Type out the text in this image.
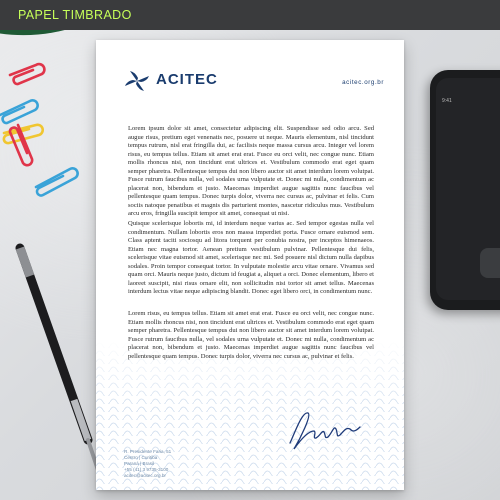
9:41
ACITEC	acitec.org.br

Lorem ipsum dolor sit amet, consectetur adipiscing elit. Suspendisse sed odio arcu. Sed augue risus, pretium eget venenatis nec, posuere ut neque. Mauris elementum, nisl tincidunt tempus rutrum, nisl erat fringilla dui, ac facilisis neque massa cursus arcu. Integer vel lorem risus, eu tempus tellus. Etiam sit amet erat erat. Fusce eu orci velit, nec congue nunc. Etiam mollis rhoncus nisi, non tincidunt erat ultrices et. Vestibulum commodo erat eget quam semper pharetra. Pellentesque tempus dui non libero auctor sit amet interdum lorem volutpat. Fusce rutrum faucibus nulla, vel sodales urna vulputate et. Donec mi nulla, condimentum ac placerat non, bibendum et justo. Maecenas imperdiet augue sagittis nunc faucibus vel pellentesque quam tempus. Donec turpis dolor, viverra nec cursus ac, pulvinar et felis. Cum sociis natoque penatibus et magnis dis parturient montes, nascetur ridiculus mus. Vestibulum arcu eros, fringilla suscipit tempor sit amet, consequat ut nisi.

Quisque scelerisque lobortis mi, id interdum neque varius ac. Sed tempor egestas nulla vel condimentum. Nullam lobortis eros non massa imperdiet porta. Fusce ornare euismod sem. Class aptent taciti sociosqu ad litora torquent per conubia nostra, per inceptos himenaeos. Etiam nec magna tortor. Aenean pretium vestibulum pulvinar. Pellentesque dui felis, scelerisque vitae euismod sit amet, scelerisque nec mi. Sed posuere nisl dictum nulla dapibus sodales. Proin tempor consequat tortor. In vulputate molestie arcu vitae ornare. Vivamus sed quam orci. Mauris neque justo, dictum id feugiat a, aliquet a orci. Donec elementum, libero et laoreet suscipit, nisi risus ornare elit, non sollicitudin nisi tortor sit amet tellus. Maecenas interdum lectus vitae neque adipiscing blandit. Donec eget libero orci, in condimentum nunc.

Lorem risus, eu tempus tellus. Etiam sit amet erat erat. Fusce eu orci velit, nec congue nunc. Etiam mollis rhoncus nisi, non tincidunt erat ultrices et. Vestibulum commodo erat eget quam semper pharetra. Pellentesque tempus dui non libero auctor sit amet interdum lorem volutpat. Fusce rutrum faucibus nulla, vel sodales urna vulputate et. Donec mi nulla, condimentum ac placerat non, bibendum et justo. Maecenas imperdiet augue sagittis nunc faucibus vel pellentesque quam tempus. Donec turpis dolor, viverra nec cursus ac, pulvinar et felis.

R. Presidente Faria, 51
Centro | Curitiba
Paraná | Brasil
+55 (41) 3 9735-3100
acitec@acitec.org.br
PAPEL TIMBRADO
